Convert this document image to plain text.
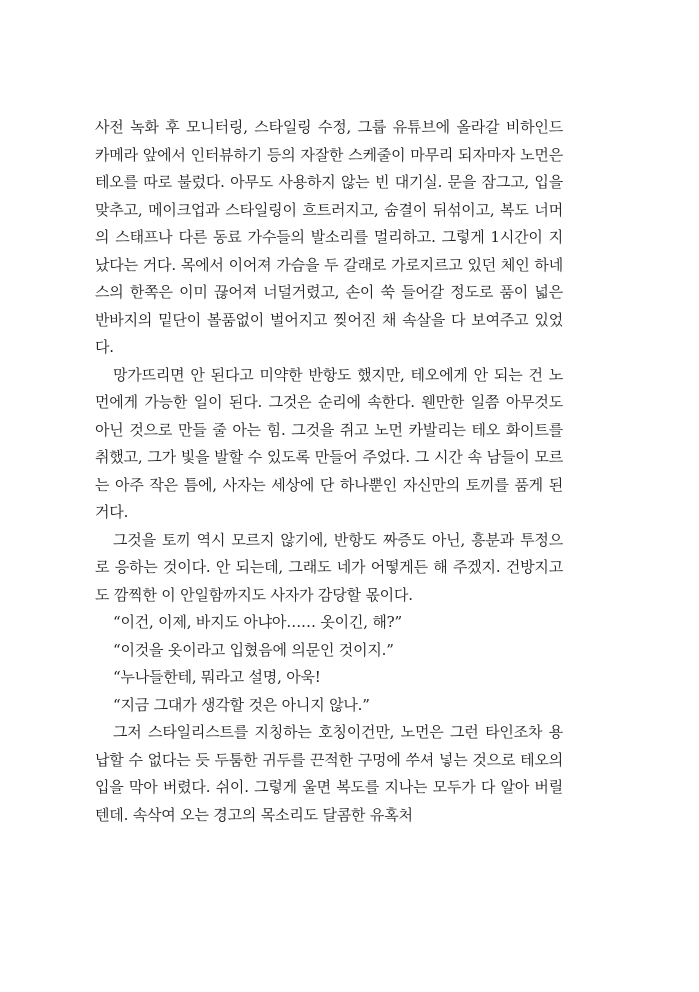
사전 녹화 후 모니터링, 스타일링 수정, 그룹 유튜브에 올라갈 비하인드 카메라 앞에서 인터뷰하기 등의 자잘한 스케줄이 마무리 되자마자 노먼은 테오를 따로 불렀다. 아무도 사용하지 않는 빈 대기실. 문을 잠그고, 입을 맞추고, 메이크업과 스타일링이 흐트러지고, 숨결이 뒤섞이고, 복도 너머의 스태프나 다른 동료 가수들의 발소리를 멀리하고. 그렇게 1시간이 지났다는 거다. 목에서 이어져 가슴을 두 갈래로 가로지르고 있던 체인 하네스의 한쪽은 이미 끊어져 너덜거렸고, 손이 쑥 들어갈 정도로 품이 넓은 반바지의 밑단이 볼품없이 벌어지고 찢어진 채 속살을 다 보여주고 있었다.

망가뜨리면 안 된다고 미약한 반항도 했지만, 테오에게 안 되는 건 노먼에게 가능한 일이 된다. 그것은 순리에 속한다. 웬만한 일쯤 아무것도 아닌 것으로 만들 줄 아는 힘. 그것을 쥐고 노먼 카발리는 테오 화이트를 취했고, 그가 빛을 발할 수 있도록 만들어 주었다. 그 시간 속 남들이 모르는 아주 작은 틈에, 사자는 세상에 단 하나뿐인 자신만의 토끼를 품게 된 거다.

그것을 토끼 역시 모르지 않기에, 반항도 짜증도 아닌, 흥분과 투정으로 응하는 것이다. 안 되는데, 그래도 네가 어떻게든 해 주겠지. 건방지고도 깜찍한 이 안일함까지도 사자가 감당할 몫이다.

“이건, 이제, 바지도 아냐아…… 옷이긴, 해?”

“이것을 옷이라고 입혔음에 의문인 것이지.”

“누나들한테, 뭐라고 설명, 아욱!

“지금 그대가 생각할 것은 아니지 않나.”

그저 스타일리스트를 지칭하는 호칭이건만, 노먼은 그런 타인조차 용납할 수 없다는 듯 두툼한 귀두를 끈적한 구멍에 쑤셔 넣는 것으로 테오의 입을 막아 버렸다. 쉬이. 그렇게 울면 복도를 지나는 모두가 다 알아 버릴 텐데. 속삭여 오는 경고의 목소리도 달콤한 유혹처
